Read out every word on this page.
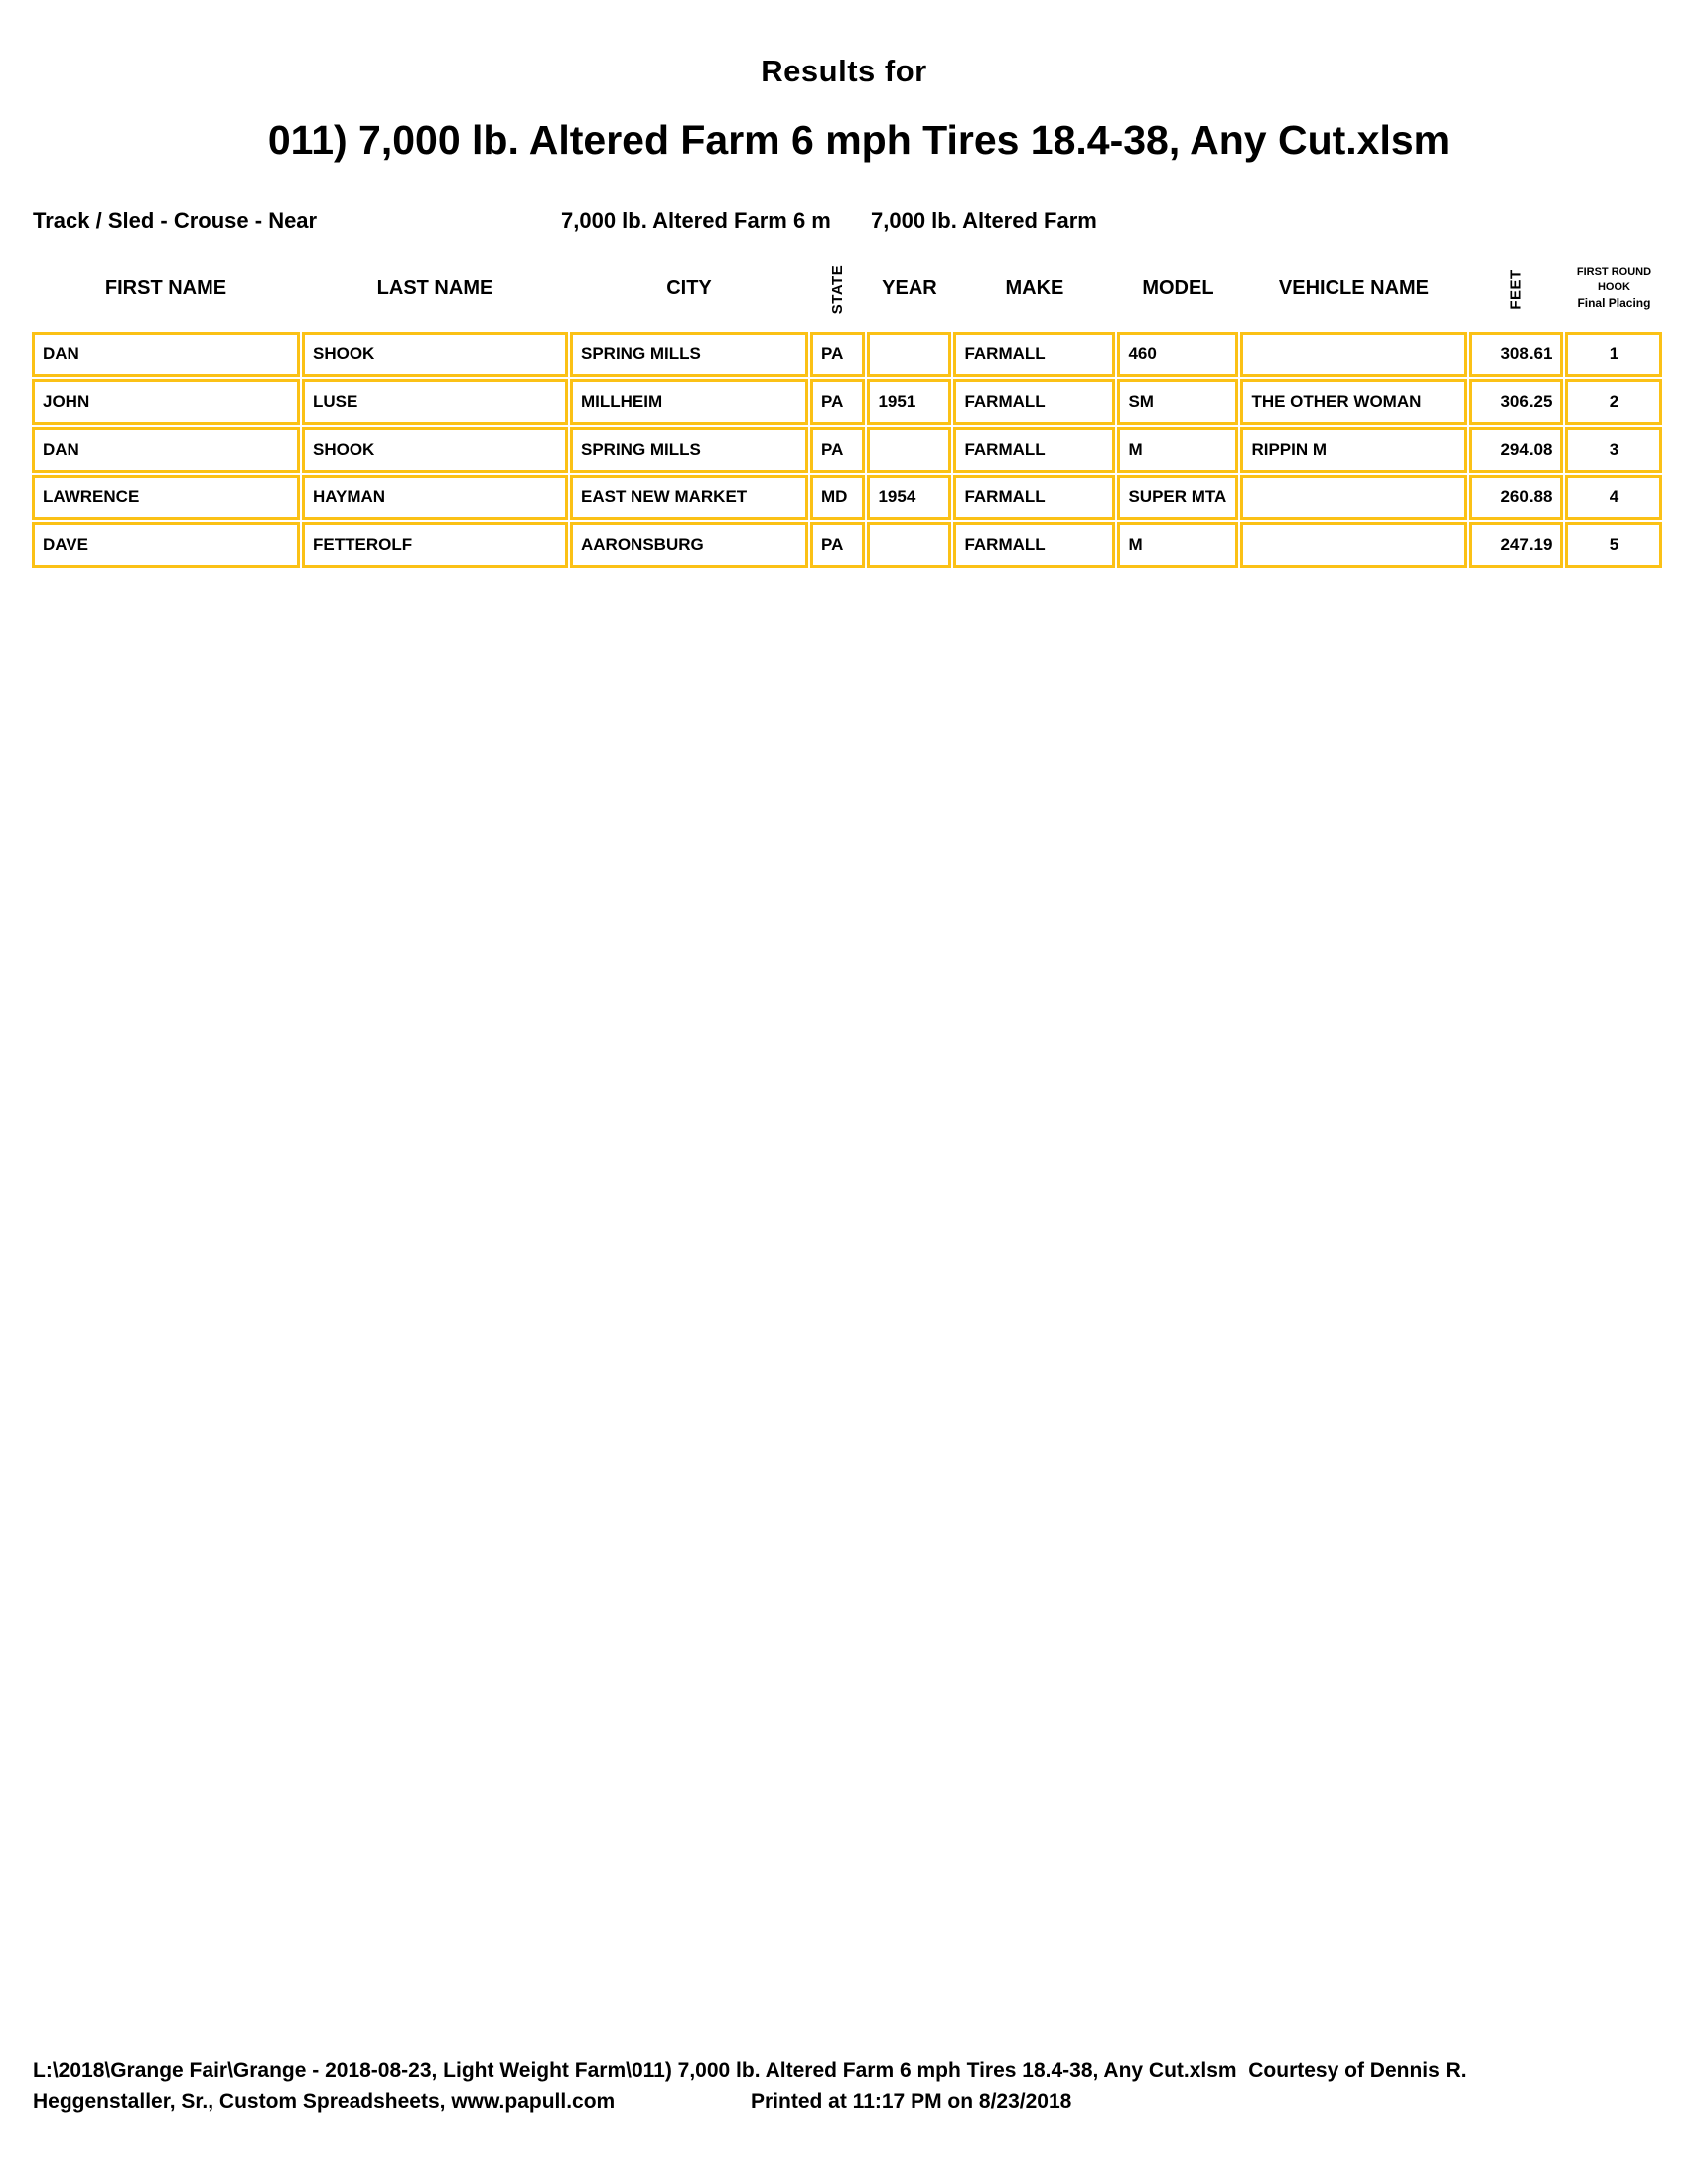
Results for
011) 7,000 lb. Altered Farm 6 mph Tires 18.4-38, Any Cut.xlsm
Track / Sled - Crouse - Near	7,000 lb. Altered Farm 6 m	7,000 lb. Altered Farm
FIRST NAME	LAST NAME	CITY	STATE	YEAR	MAKE	MODEL	VEHICLE NAME	FEET	FIRST ROUND
HOOK
Final Placing

DAN	SHOOK	SPRING MILLS	PA		FARMALL	460		308.61	1
JOHN	LUSE	MILLHEIM	PA	1951	FARMALL	SM	THE OTHER WOMAN	306.25	2
DAN	SHOOK	SPRING MILLS	PA		FARMALL	M	RIPPIN M	294.08	3
LAWRENCE	HAYMAN	EAST NEW MARKET	MD	1954	FARMALL	SUPER MTA		260.88	4
DAVE	FETTEROLF	AARONSBURG	PA		FARMALL	M		247.19	5
L:\2018\Grange Fair\Grange - 2018-08-23, Light Weight Farm\011) 7,000 lb. Altered Farm 6 mph Tires 18.4-38, Any Cut.xlsm  Courtesy of Dennis R.
Heggenstaller, Sr., Custom Spreadsheets, www.papull.com	Printed at 11:17 PM on 8/23/2018
